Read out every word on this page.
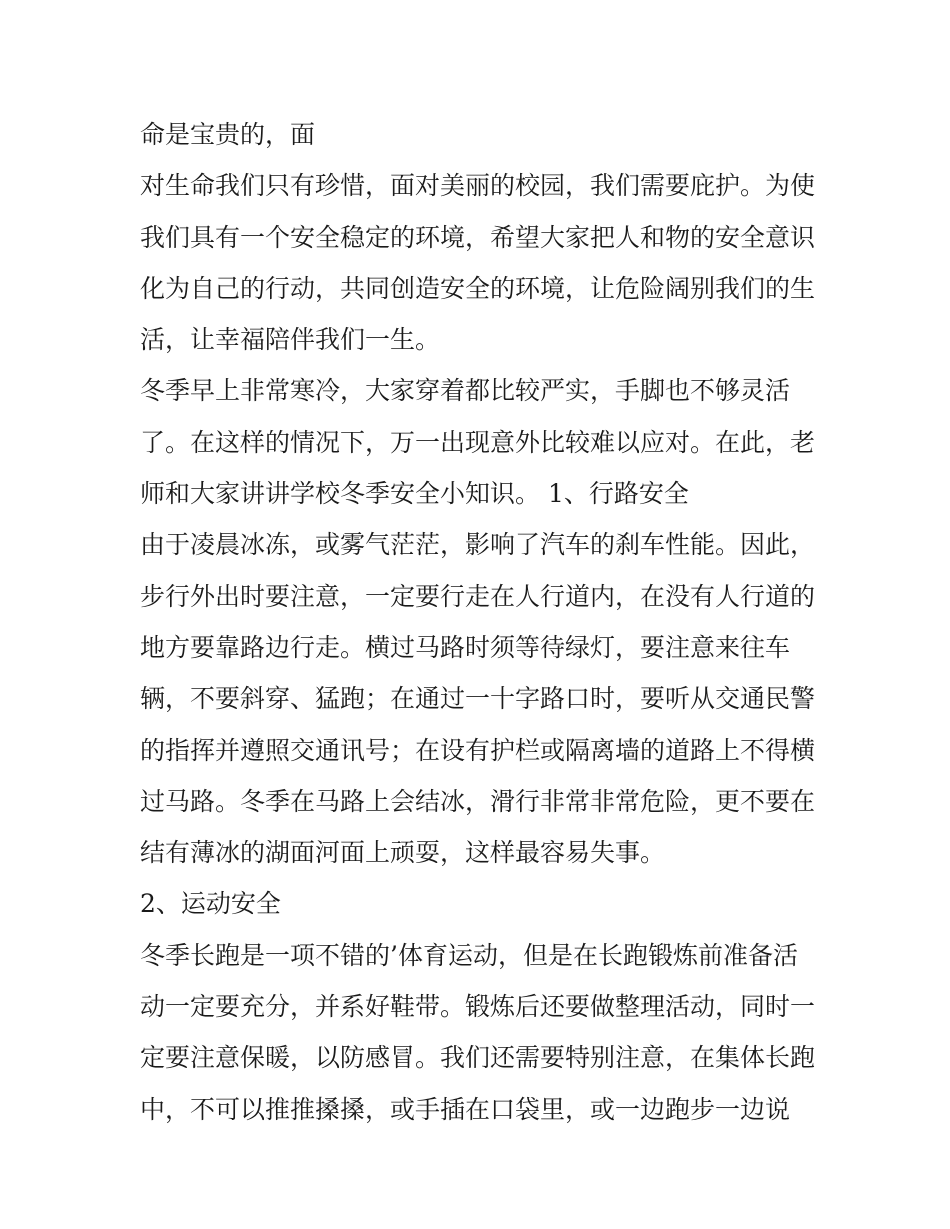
命是宝贵的，面
对生命我们只有珍惜，面对美丽的校园，我们需要庇护。为使
我们具有一个安全稳定的环境，希望大家把人和物的安全意识
化为自己的行动，共同创造安全的环境，让危险阔别我们的生
活，让幸福陪伴我们一生。
冬季早上非常寒冷，大家穿着都比较严实，手脚也不够灵活
了。在这样的情况下，万一出现意外比较难以应对。在此，老
师和大家讲讲学校冬季安全小知识。 1、行路安全
由于凌晨冰冻，或雾气茫茫，影响了汽车的刹车性能。因此，
步行外出时要注意，一定要行走在人行道内，在没有人行道的
地方要靠路边行走。横过马路时须等待绿灯，要注意来往车
辆，不要斜穿、猛跑；在通过一十字路口时，要听从交通民警
的指挥并遵照交通讯号；在设有护栏或隔离墙的道路上不得横
过马路。冬季在马路上会结冰，滑行非常非常危险，更不要在
结有薄冰的湖面河面上顽耍，这样最容易失事。
2、运动安全
冬季长跑是一项不错的’体育运动，但是在长跑锻炼前准备活
动一定要充分，并系好鞋带。锻炼后还要做整理活动，同时一
定要注意保暖，以防感冒。我们还需要特别注意，在集体长跑
中，不可以推推搡搡，或手插在口袋里，或一边跑步一边说
